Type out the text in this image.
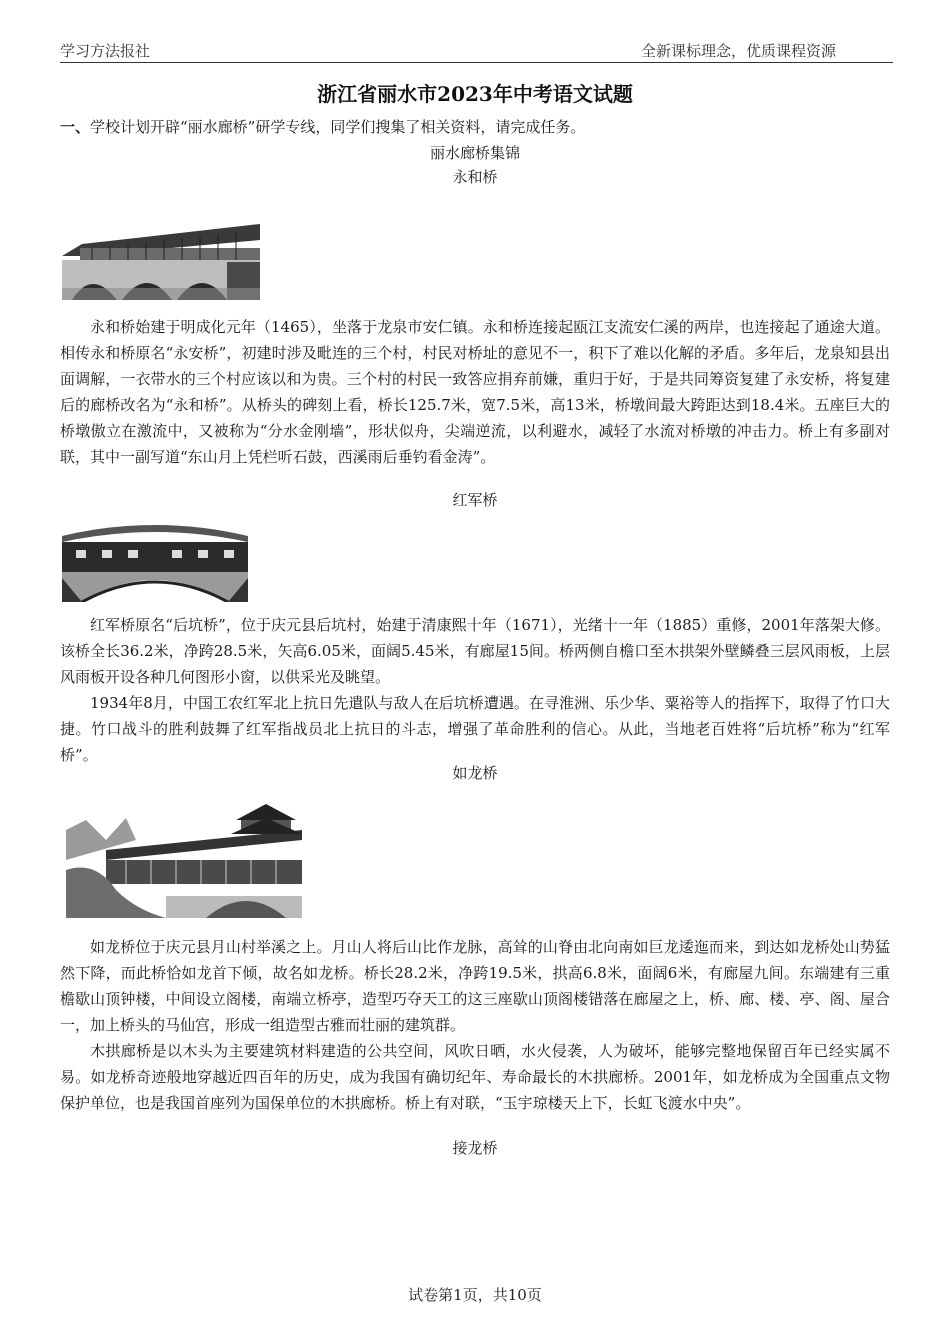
学习方法报社	全新课标理念，优质课程资源
浙江省丽水市2023年中考语文试题
一、学校计划开辟“丽水廊桥”研学专线，同学们搜集了相关资料，请完成任务。
丽水廊桥集锦
永和桥

永和桥始建于明成化元年（1465），坐落于龙泉市安仁镇。永和桥连接起瓯江支流安仁溪的两岸，也连接起了通途大道。相传永和桥原名“永安桥”，初建时涉及毗连的三个村，村民对桥址的意见不一，积下了难以化解的矛盾。多年后，龙泉知县出面调解，一衣带水的三个村应该以和为贵。三个村的村民一致答应捐弃前嫌，重归于好，于是共同筹资复建了永安桥，将复建后的廊桥改名为“永和桥”。从桥头的碑刻上看，桥长125.7米，宽7.5米，高13米，桥墩间最大跨距达到18.4米。五座巨大的桥墩傲立在激流中，又被称为“分水金刚墙”，形状似舟，尖端逆流，以利避水，减轻了水流对桥墩的冲击力。桥上有多副对联，其中一副写道“东山月上凭栏听石鼓，西溪雨后垂钓看金涛”。

红军桥

红军桥原名“后坑桥”，位于庆元县后坑村，始建于清康熙十年（1671），光绪十一年（1885）重修，2001年落架大修。该桥全长36.2米，净跨28.5米，矢高6.05米，面阔5.45米，有廊屋15间。桥两侧自檐口至木拱架外壁鳞叠三层风雨板，上层风雨板开设各种几何图形小窗，以供采光及眺望。

1934年8月，中国工农红军北上抗日先遣队与敌人在后坑桥遭遇。在寻淮洲、乐少华、粟裕等人的指挥下，取得了竹口大捷。竹口战斗的胜利鼓舞了红军指战员北上抗日的斗志，增强了革命胜利的信心。从此，当地老百姓将“后坑桥”称为“红军桥”。

如龙桥

如龙桥位于庆元县月山村举溪之上。月山人将后山比作龙脉，高耸的山脊由北向南如巨龙逶迤而来，到达如龙桥处山势猛然下降，而此桥恰如龙首下倾，故名如龙桥。桥长28.2米，净跨19.5米，拱高6.8米，面阔6米，有廊屋九间。东端建有三重檐歇山顶钟楼，中间设立阁楼，南端立桥亭，造型巧夺天工的这三座歇山顶阁楼错落在廊屋之上，桥、廊、楼、亭、阁、屋合一，加上桥头的马仙宫，形成一组造型古雅而壮丽的建筑群。

木拱廊桥是以木头为主要建筑材料建造的公共空间，风吹日晒，水火侵袭，人为破坏，能够完整地保留百年已经实属不易。如龙桥奇迹般地穿越近四百年的历史，成为我国有确切纪年、寿命最长的木拱廊桥。2001年，如龙桥成为全国重点文物保护单位，也是我国首座列为国保单位的木拱廊桥。桥上有对联，“玉宇琼楼天上下，长虹飞渡水中央”。

接龙桥
试卷第1页，共10页
